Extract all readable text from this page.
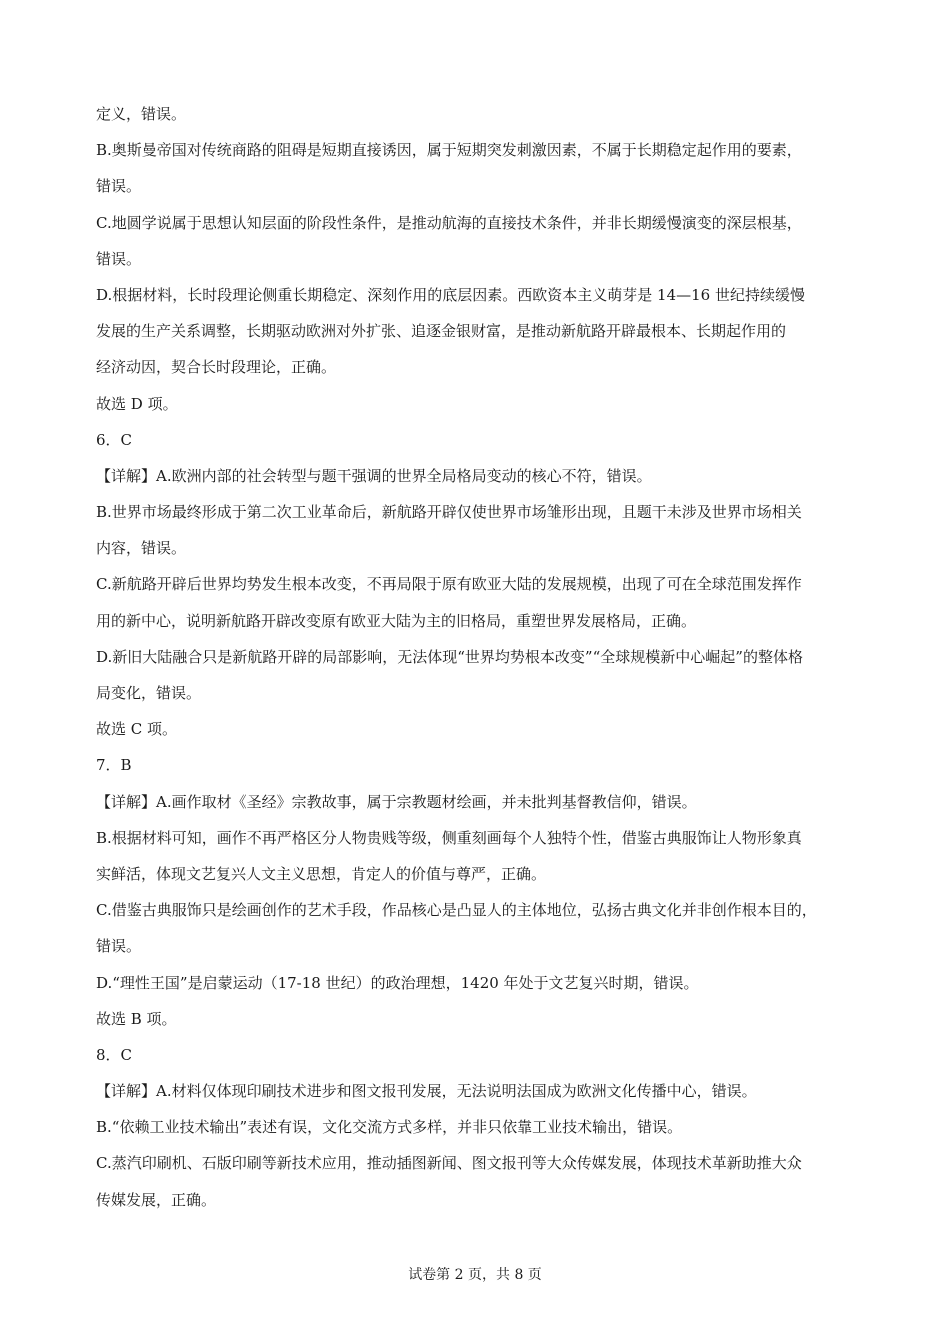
定义，错误。
B.奥斯曼帝国对传统商路的阻碍是短期直接诱因，属于短期突发刺激因素，不属于长期稳定起作用的要素，
错误。
C.地圆学说属于思想认知层面的阶段性条件，是推动航海的直接技术条件，并非长期缓慢演变的深层根基，
错误。
D.根据材料，长时段理论侧重长期稳定、深刻作用的底层因素。西欧资本主义萌芽是 14—16 世纪持续缓慢
发展的生产关系调整，长期驱动欧洲对外扩张、追逐金银财富，是推动新航路开辟最根本、长期起作用的
经济动因，契合长时段理论，正确。
故选 D 项。
6．C
【详解】A.欧洲内部的社会转型与题干强调的世界全局格局变动的核心不符，错误。
B.世界市场最终形成于第二次工业革命后，新航路开辟仅使世界市场雏形出现，且题干未涉及世界市场相关
内容，错误。
C.新航路开辟后世界均势发生根本改变，不再局限于原有欧亚大陆的发展规模，出现了可在全球范围发挥作
用的新中心，说明新航路开辟改变原有欧亚大陆为主的旧格局，重塑世界发展格局，正确。
D.新旧大陆融合只是新航路开辟的局部影响，无法体现“世界均势根本改变”“全球规模新中心崛起”的整体格
局变化，错误。
故选 C 项。
7．B
【详解】A.画作取材《圣经》宗教故事，属于宗教题材绘画，并未批判基督教信仰，错误。
B.根据材料可知，画作不再严格区分人物贵贱等级，侧重刻画每个人独特个性，借鉴古典服饰让人物形象真
实鲜活，体现文艺复兴人文主义思想，肯定人的价值与尊严，正确。
C.借鉴古典服饰只是绘画创作的艺术手段，作品核心是凸显人的主体地位，弘扬古典文化并非创作根本目的，
错误。
D.“理性王国”是启蒙运动（17-18 世纪）的政治理想，1420 年处于文艺复兴时期，错误。
故选 B 项。
8．C
【详解】A.材料仅体现印刷技术进步和图文报刊发展，无法说明法国成为欧洲文化传播中心，错误。
B.“依赖工业技术输出”表述有误，文化交流方式多样，并非只依靠工业技术输出，错误。
C.蒸汽印刷机、石版印刷等新技术应用，推动插图新闻、图文报刊等大众传媒发展，体现技术革新助推大众
传媒发展，正确。
试卷第 2 页，共 8 页
